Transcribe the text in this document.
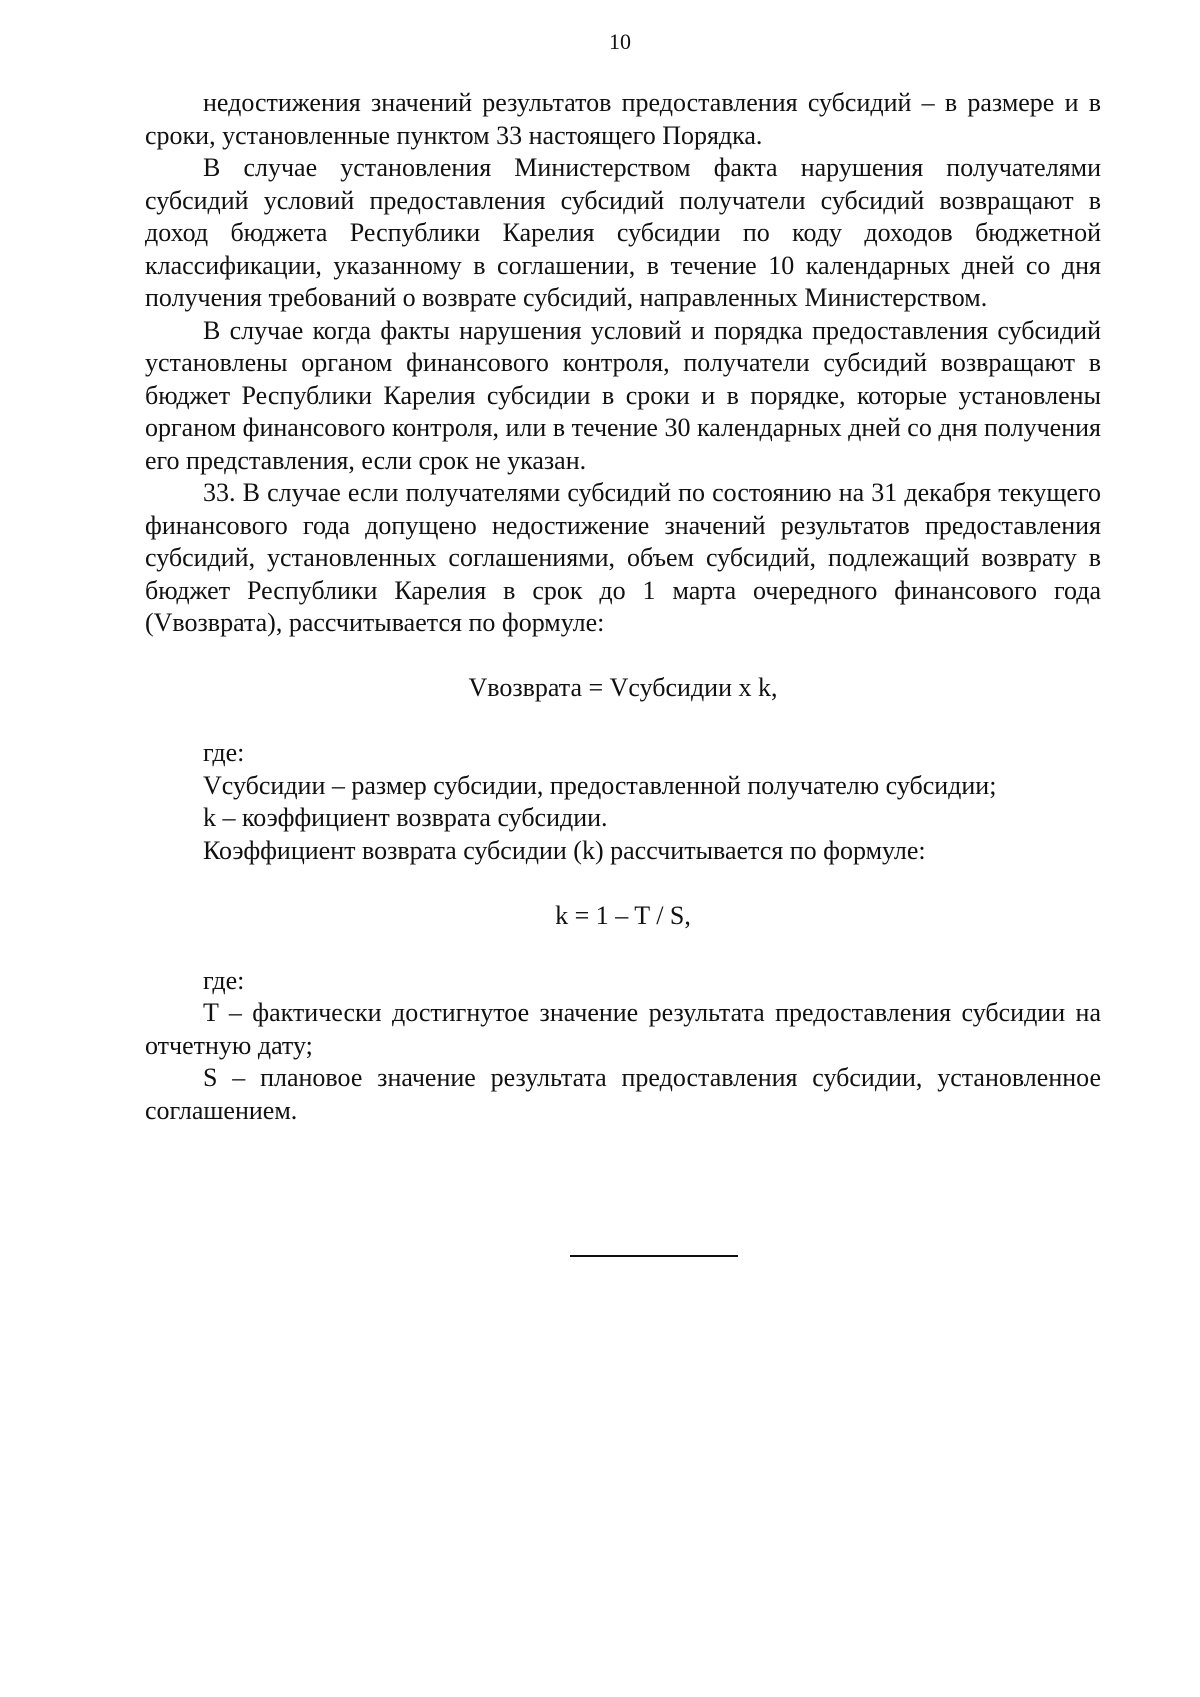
10

недостижения значений результатов предоставления субсидий – в размере и в сроки, установленные пунктом 33 настоящего Порядка.

В случае установления Министерством факта нарушения получателями субсидий условий предоставления субсидий получатели субсидий возвращают в доход бюджета Республики Карелия субсидии по коду доходов бюджетной классификации, указанному в соглашении, в течение 10 календарных дней со дня получения требований о возврате субсидий, направленных Министерством.

В случае когда факты нарушения условий и порядка предоставления субсидий установлены органом финансового контроля, получатели субсидий возвращают в бюджет Республики Карелия субсидии в сроки и в порядке, которые установлены органом финансового контроля, или в течение 30 календарных дней со дня получения его представления, если срок не указан.

33. В случае если получателями субсидий по состоянию на 31 декабря текущего финансового года допущено недостижение значений результатов предоставления субсидий, установленных соглашениями, объем субсидий, подлежащий возврату в бюджет Республики Карелия в срок до 1 марта очередного финансового года (Vвозврата), рассчитывается по формуле:

Vвозврата = Vсубсидии x k,

где:

Vсубсидии – размер субсидии, предоставленной получателю субсидии;

k – коэффициент возврата субсидии.

Коэффициент возврата субсидии (k) рассчитывается по формуле:

k = 1 – T / S,

где:

T – фактически достигнутое значение результата предоставления субсидии на отчетную дату;

S – плановое значение результата предоставления субсидии, установленное соглашением.
